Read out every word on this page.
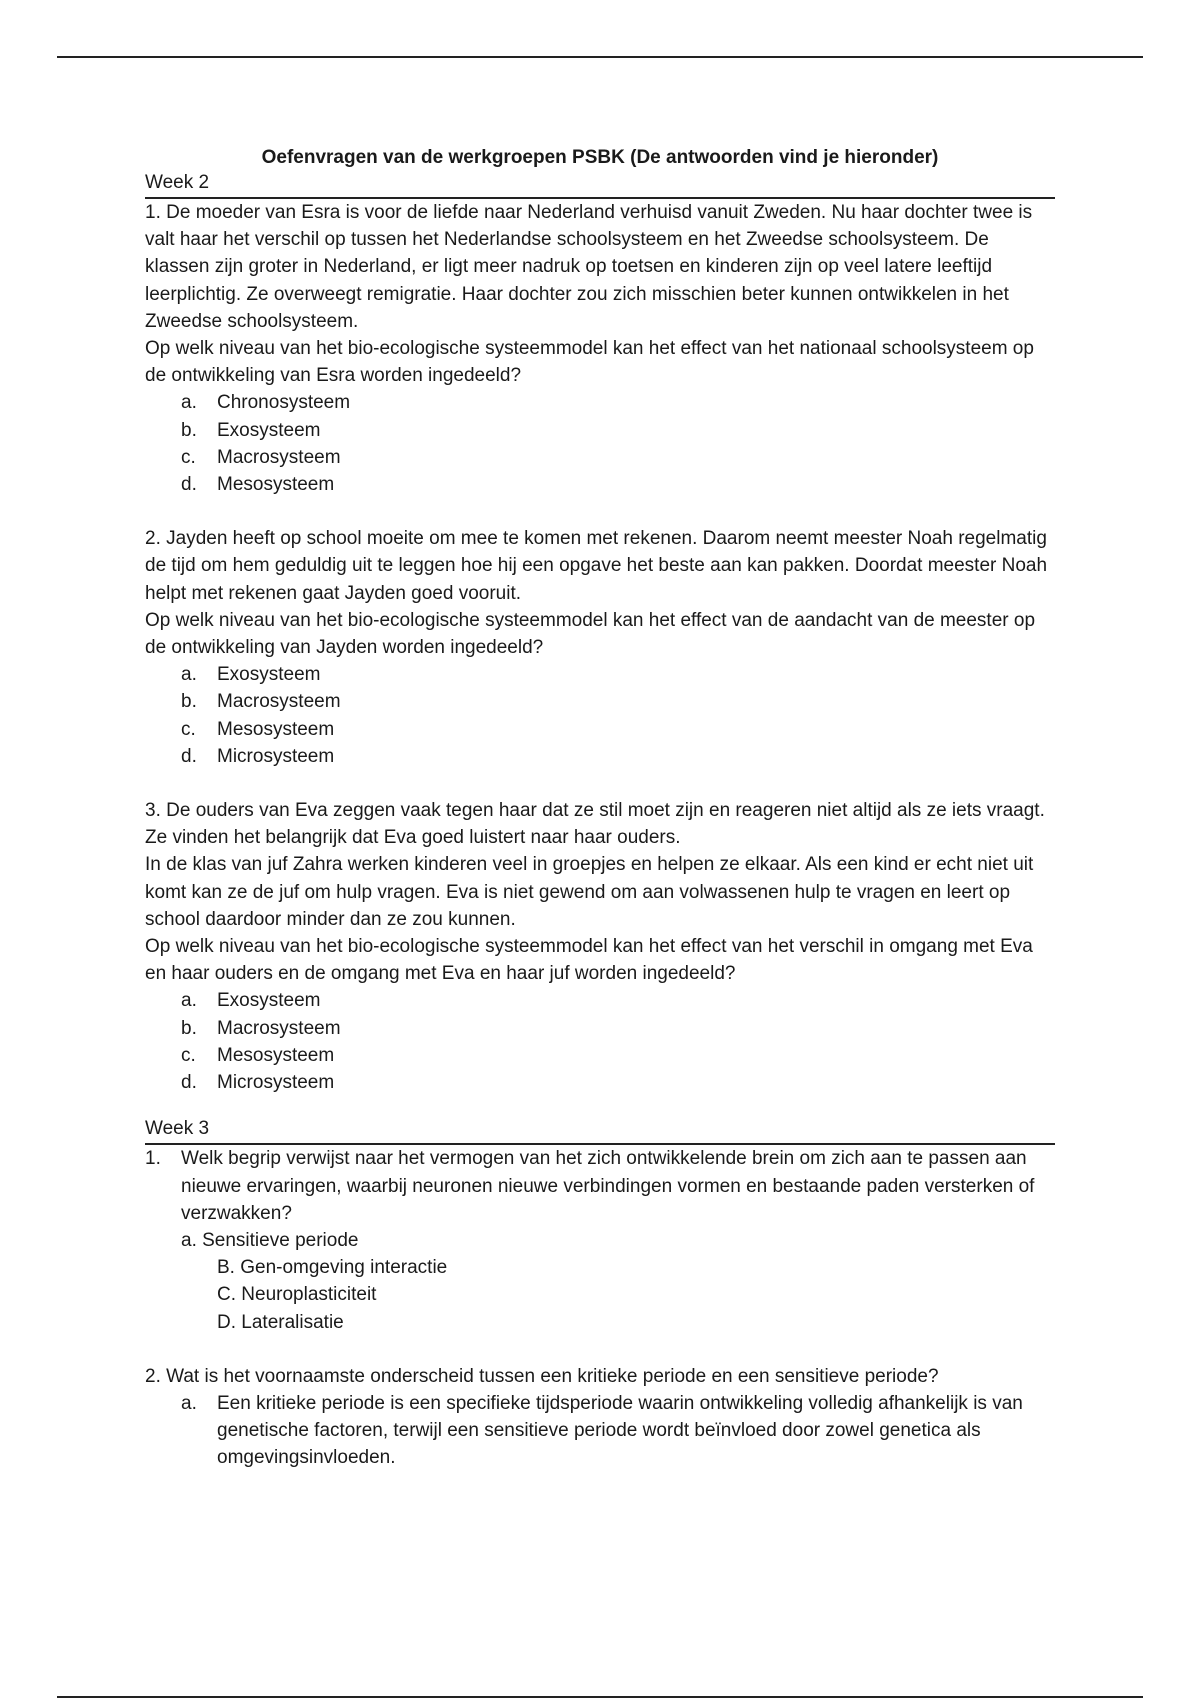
Oefenvragen van de werkgroepen PSBK (De antwoorden vind je hieronder)

Week 2

1. De moeder van Esra is voor de liefde naar Nederland verhuisd vanuit Zweden. Nu haar dochter twee is valt haar het verschil op tussen het Nederlandse schoolsysteem en het Zweedse schoolsysteem. De klassen zijn groter in Nederland, er ligt meer nadruk op toetsen en kinderen zijn op veel latere leeftijd leerplichtig. Ze overweegt remigratie. Haar dochter zou zich misschien beter kunnen ontwikkelen in het Zweedse schoolsysteem.

Op welk niveau van het bio-ecologische systeemmodel kan het effect van het nationaal schoolsysteem op de ontwikkeling van Esra worden ingedeeld?

a.	Chronosysteem
b.	Exosysteem
c.	Macrosysteem
d.	Mesosysteem

2. Jayden heeft op school moeite om mee te komen met rekenen. Daarom neemt meester Noah regelmatig de tijd om hem geduldig uit te leggen hoe hij een opgave het beste aan kan pakken. Doordat meester Noah helpt met rekenen gaat Jayden goed vooruit.

Op welk niveau van het bio-ecologische systeemmodel kan het effect van de aandacht van de meester op de ontwikkeling van Jayden worden ingedeeld?

a.	Exosysteem
b.	Macrosysteem
c.	Mesosysteem
d.	Microsysteem

3. De ouders van Eva zeggen vaak tegen haar dat ze stil moet zijn en reageren niet altijd als ze iets vraagt. Ze vinden het belangrijk dat Eva goed luistert naar haar ouders.

In de klas van juf Zahra werken kinderen veel in groepjes en helpen ze elkaar. Als een kind er echt niet uit komt kan ze de juf om hulp vragen. Eva is niet gewend om aan volwassenen hulp te vragen en leert op school daardoor minder dan ze zou kunnen.

Op welk niveau van het bio-ecologische systeemmodel kan het effect van het verschil in omgang met Eva en haar ouders en de omgang met Eva en haar juf worden ingedeeld?

a.	Exosysteem
b.	Macrosysteem
c.	Mesosysteem
d.	Microsysteem

Week 3

1. Welk begrip verwijst naar het vermogen van het zich ontwikkelende brein om zich aan te passen aan nieuwe ervaringen, waarbij neuronen nieuwe verbindingen vormen en bestaande paden versterken of verzwakken?

a. Sensitieve periode
B. Gen-omgeving interactie
C. Neuroplasticiteit
D. Lateralisatie

2. Wat is het voornaamste onderscheid tussen een kritieke periode en een sensitieve periode?

a.	Een kritieke periode is een specifieke tijdsperiode waarin ontwikkeling volledig afhankelijk is van genetische factoren, terwijl een sensitieve periode wordt beïnvloed door zowel genetica als omgevingsinvloeden.
